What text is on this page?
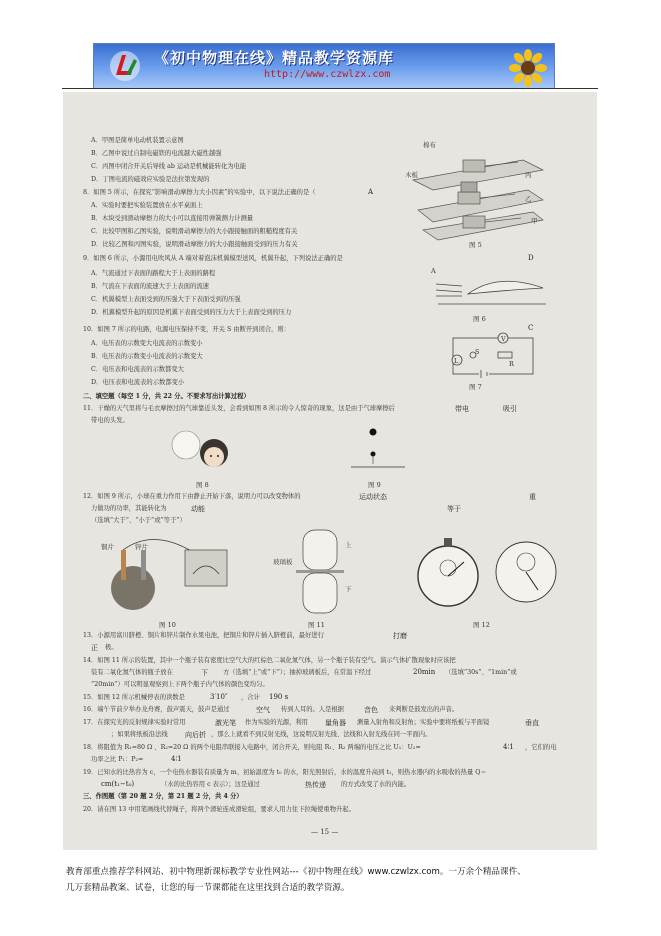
《初中物理在线》精品教学资源库
http://www.czwlzx.com
A．甲图是简单电动机装置示意图
B．乙图中说过自制电磁铁的电流越大磁性越强
C．丙图中闭合开关后导线 ab 运动是机械能转化为电能
D．丁图电流的磁效应实验是法拉第发现的
8．如图 5 所示，在探究“影响滑动摩擦力大小因素”的实验中，以下说法正确的是（	A
A．实验时要把实验装置放在水平桌面上
B．木块受到滑动摩擦力的大小可以直接用弹簧测力计测量
C．比较甲图和乙图实验，说明滑动摩擦力的大小跟接触面的粗糙程度有关
D．比较乙图和丙图实验，说明滑动摩擦力的大小跟接触面受到的压力有关
棉布
木板	丙
乙
甲
图 5
9．如图 6 所示，小源用电吹风从 A 端对着泡沫机翼模型送风，机翼升起，下列说法正确的是	D
A．气流通过下表面的路程大于上表面的路程
B．气流在下表面的流速大于上表面的流速
C．机翼模型上表面受到的压强大于下表面受到的压强
D．机翼模型升起的原因是机翼下表面受到的压力大于上表面受到的压力
A
图 6
10．如图 7 所示的电路，电源电压保持不变，开关 S 由断开到闭合，则：	C
A．电压表的示数变大电流表的示数变小
B．电压表的示数变小电流表的示数变大
C．电压表和电流表的示数都变大
D．电压表和电流表的示数都变小
S
V
R
L
图 7
二、填空题（每空 1 分，共 22 分。不要求写出计算过程）
11．干燥的天气里将与毛衣摩擦过的气球靠近头发，会看到如图 8 所示的令人惊奇的现象，这是由于气球摩擦后	带电	吸引
带电的头发。
图 8	图 9
12．如图 9 所示，小球在重力作用下由静止开始下落，说明力可以改变物体的	运动状态	重
力做功的功率，其能转化为	动能	等于
（选填“大于”、“小于”或“等于”）
铜片	锌片
图 10
玻璃板
上
下
图 11	图 12
13．小源用富川脐橙、铜片和锌片制作水果电池，把铜片和锌片插入脐橙前，最好进行	打磨
正 极。
14．如图 11 所示的装置，其中一个瓶子装有密度比空气大的红棕色二氧化氮气体，另一个瓶子装有空气。演示气体扩散现象时应该把
装有二氧化氮气体的瓶子放在	下 方（选填“上”或“下”）；抽掉玻璃板后，在常温下经过	20min （选填“30s”、“1min”或
“20min”）可以明显观察到上下两个瓶子内气体的颜色变均匀。
15．如图 12 所示机械停表的读数是	3′10″ ，合计 190 s
16．端午节前夕举办龙舟赛，鼓声震天，鼓声是通过	空气 传到人耳的。人是根据	音色 来判断是鼓发出的声音。
17．在探究光的反射规律实验时常用	激光笔 作为实验的光源，利用 量角器 测量入射角和反射角；实验中要将纸板与平面镜	垂直
；如果将纸板沿法线 向后折 ，那么上就看不到反射光线，这说明反射光线、法线和入射光线在同一平面内。
18．将阻值为 R₁=80 Ω 、R₂=20 Ω 的两个电阻串联接入电路中，闭合开关，则电阻 R₁、R₂ 两端的电压之比 U₁：U₂=	4∶1 ，它们的电
功率之比 P₁：P₂=	4∶1
19．已知水的比热容为 c，一个电热水器装有质量为 m、初始温度为 t₀ 的水，阳光照射后，水的温度升高到 t₁，则热水器内的水吸收的热量 Q＝
cm(t₁−t₀)	（水的比热容用 c 表示）；这是通过	热传递 的方式改变了水的内能。
三、作图题（第 20 题 2 分，第 21 题 2 分，共 4 分）
20．请在图 13 中用笔画线代替绳子，将两个滑轮连成滑轮组，要求人用力往下拉绳使重物升起。
— 15 —
教育部重点推荐学科网站、初中物理新课标教学专业性网站---《初中物理在线》www.czwlzx.com。一万余个精品课件、
几万套精品教案、试卷，让您的每一节课都能在这里找到合适的教学资源。
